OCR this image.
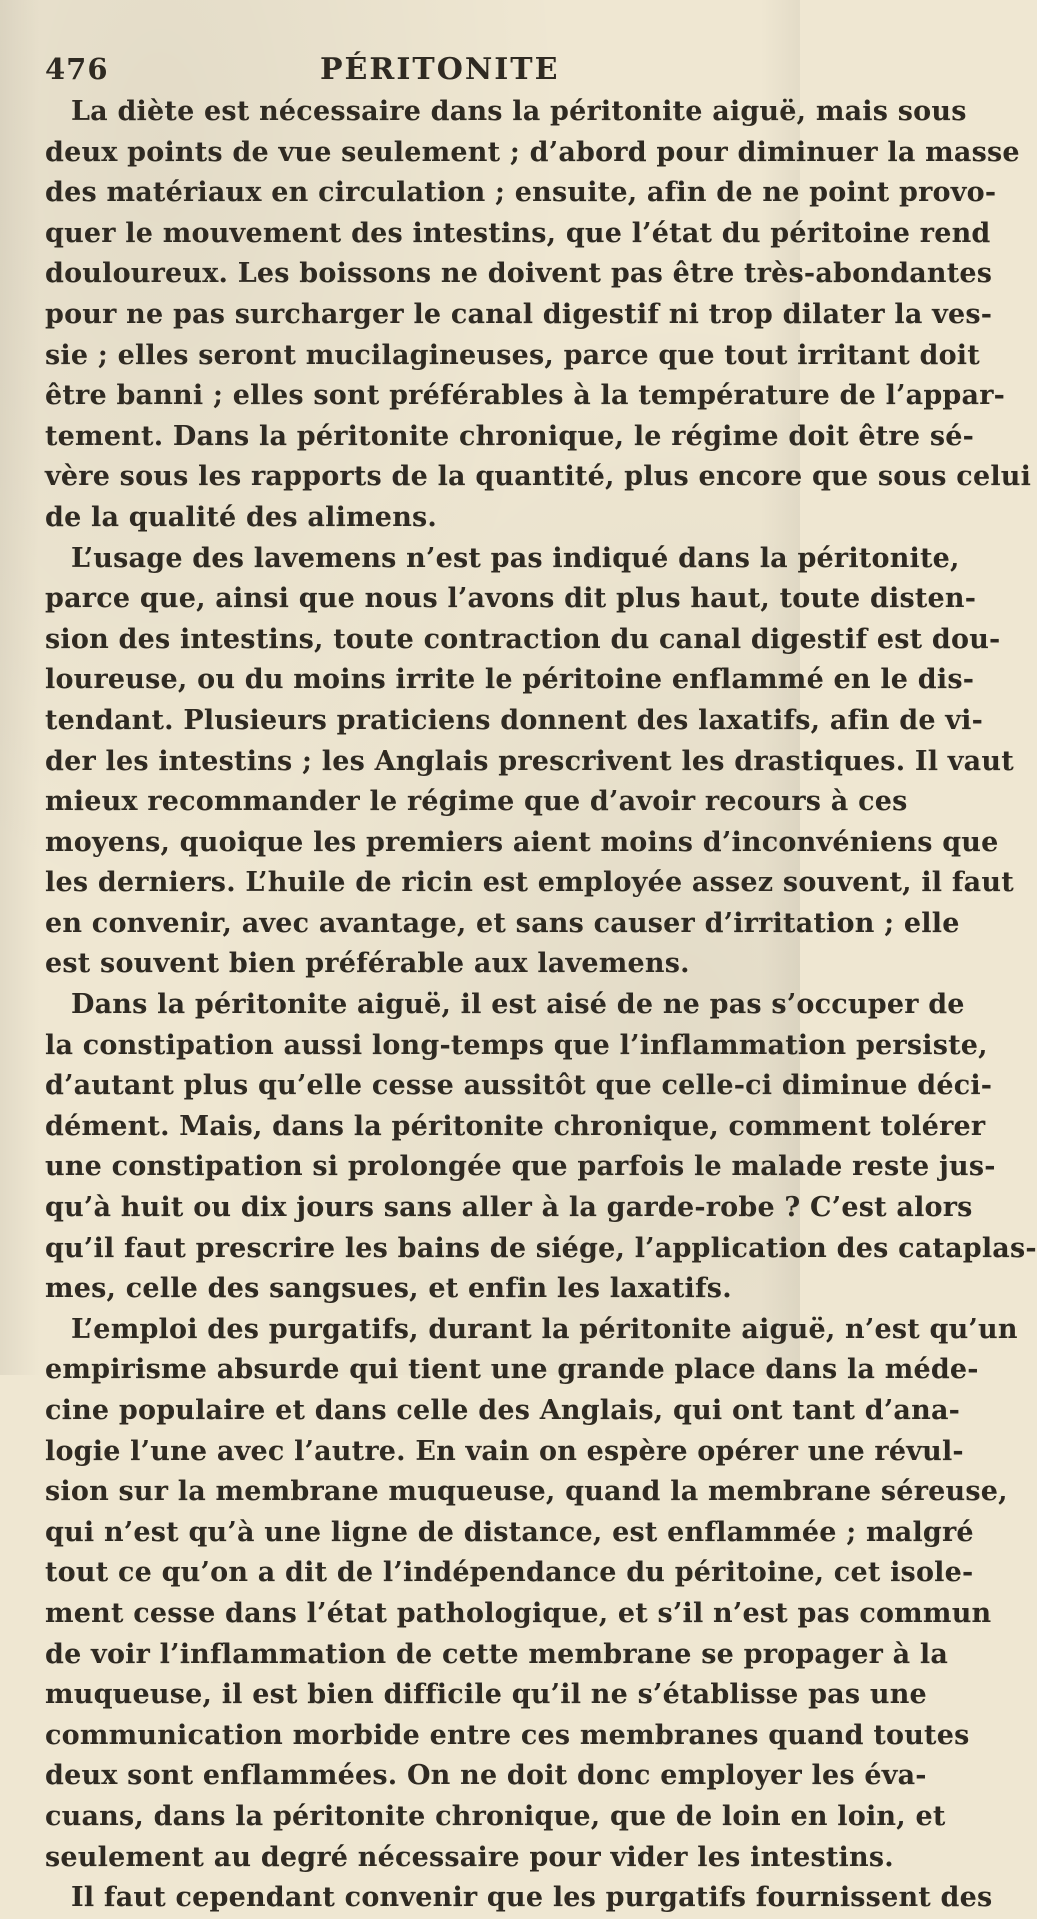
476	PÉRITONITE
La diète est nécessaire dans la péritonite aiguë, mais sous
deux points de vue seulement ; d’abord pour diminuer la masse
des matériaux en circulation ; ensuite, afin de ne point provo-
quer le mouvement des intestins, que l’état du péritoine rend
douloureux. Les boissons ne doivent pas être très-abondantes
pour ne pas surcharger le canal digestif ni trop dilater la ves-
sie ; elles seront mucilagineuses, parce que tout irritant doit
être banni ; elles sont préférables à la température de l’appar-
tement. Dans la péritonite chronique, le régime doit être sé-
vère sous les rapports de la quantité, plus encore que sous celui
de la qualité des alimens.
L’usage des lavemens n’est pas indiqué dans la péritonite,
parce que, ainsi que nous l’avons dit plus haut, toute disten-
sion des intestins, toute contraction du canal digestif est dou-
loureuse, ou du moins irrite le péritoine enflammé en le dis-
tendant. Plusieurs praticiens donnent des laxatifs, afin de vi-
der les intestins ; les Anglais prescrivent les drastiques. Il vaut
mieux recommander le régime que d’avoir recours à ces
moyens, quoique les premiers aient moins d’inconvéniens que
les derniers. L’huile de ricin est employée assez souvent, il faut
en convenir, avec avantage, et sans causer d’irritation ; elle
est souvent bien préférable aux lavemens.
Dans la péritonite aiguë, il est aisé de ne pas s’occuper de
la constipation aussi long-temps que l’inflammation persiste,
d’autant plus qu’elle cesse aussitôt que celle-ci diminue déci-
dément. Mais, dans la péritonite chronique, comment tolérer
une constipation si prolongée que parfois le malade reste jus-
qu’à huit ou dix jours sans aller à la garde-robe ? C’est alors
qu’il faut prescrire les bains de siége, l’application des cataplas-
mes, celle des sangsues, et enfin les laxatifs.
L’emploi des purgatifs, durant la péritonite aiguë, n’est qu’un
empirisme absurde qui tient une grande place dans la méde-
cine populaire et dans celle des Anglais, qui ont tant d’ana-
logie l’une avec l’autre. En vain on espère opérer une révul-
sion sur la membrane muqueuse, quand la membrane séreuse,
qui n’est qu’à une ligne de distance, est enflammée ; malgré
tout ce qu’on a dit de l’indépendance du péritoine, cet isole-
ment cesse dans l’état pathologique, et s’il n’est pas commun
de voir l’inflammation de cette membrane se propager à la
muqueuse, il est bien difficile qu’il ne s’établisse pas une
communication morbide entre ces membranes quand toutes
deux sont enflammées. On ne doit donc employer les éva-
cuans, dans la péritonite chronique, que de loin en loin, et
seulement au degré nécessaire pour vider les intestins.
Il faut cependant convenir que les purgatifs fournissent des
